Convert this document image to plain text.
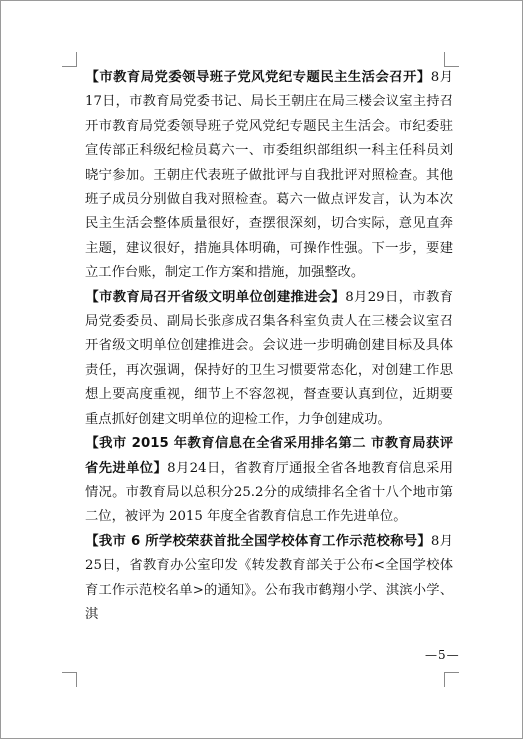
【市教育局党委领导班子党风党纪专题民主生活会召开】8月17日，市教育局党委书记、局长王朝庄在局三楼会议室主持召开市教育局党委领导班子党风党纪专题民主生活会。市纪委驻宣传部正科级纪检员葛六一、市委组织部组织一科主任科员刘晓宁参加。王朝庄代表班子做批评与自我批评对照检查。其他班子成员分别做自我对照检查。葛六一做点评发言，认为本次民主生活会整体质量很好，查摆很深刻，切合实际，意见直奔主题，建议很好，措施具体明确，可操作性强。下一步，要建立工作台账，制定工作方案和措施，加强整改。

【市教育局召开省级文明单位创建推进会】8月29日，市教育局党委委员、副局长张彦成召集各科室负责人在三楼会议室召开省级文明单位创建推进会。会议进一步明确创建目标及具体责任，再次强调，保持好的卫生习惯要常态化，对创建工作思想上要高度重视，细节上不容忽视，督查要认真到位，近期要重点抓好创建文明单位的迎检工作，力争创建成功。

【我市 2015 年教育信息在全省采用排名第二 市教育局获评省先进单位】8月24日，省教育厅通报全省各地教育信息采用情况。市教育局以总积分25.2分的成绩排名全省十八个地市第二位，被评为 2015 年度全省教育信息工作先进单位。

【我市 6 所学校荣获首批全国学校体育工作示范校称号】8月25日，省教育办公室印发《转发教育部关于公布<全国学校体育工作示范校名单>的通知》。公布我市鹤翔小学、淇滨小学、淇

—5—
